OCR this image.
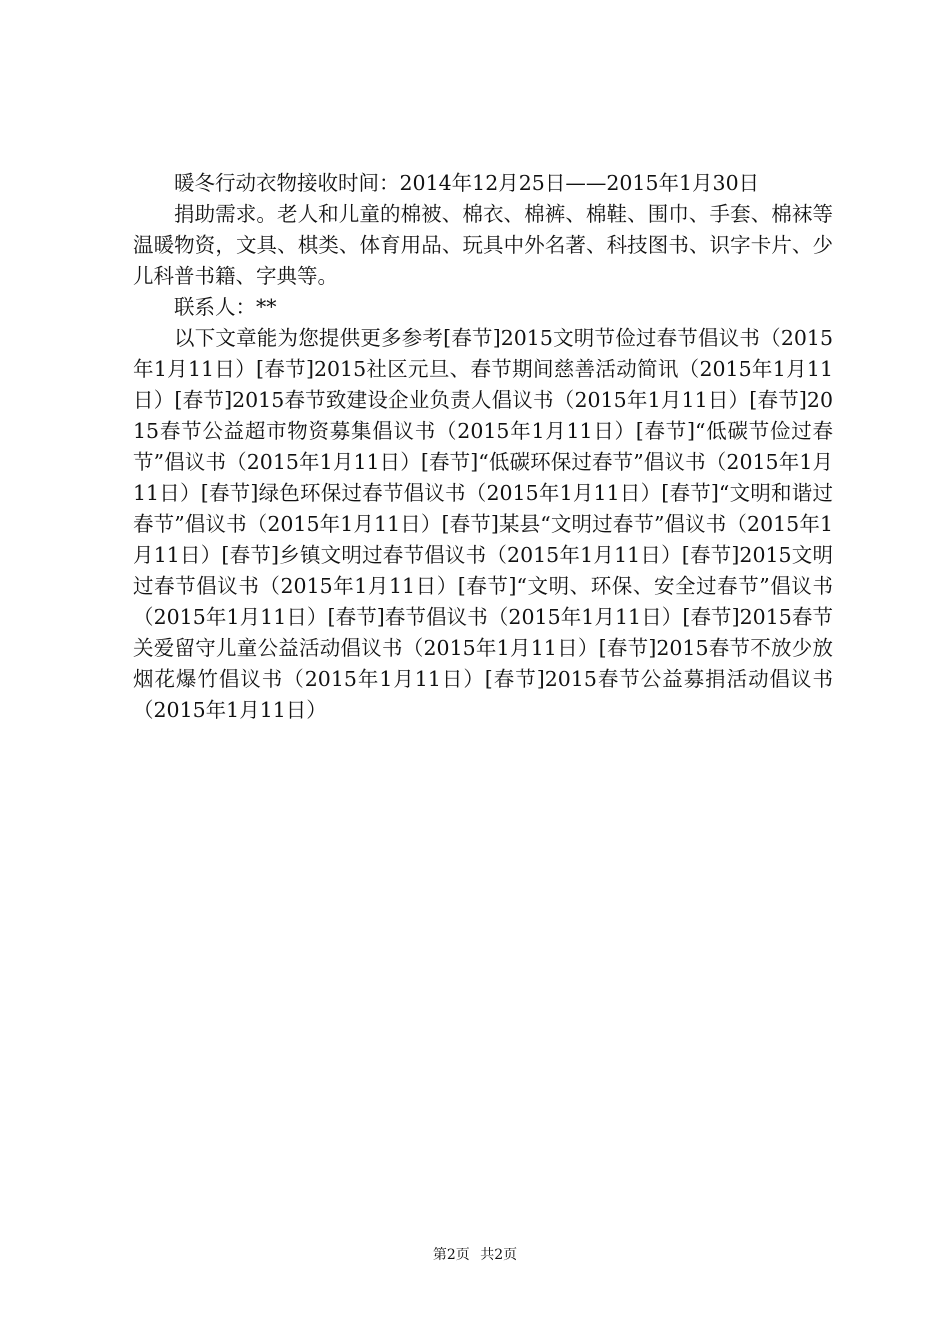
暖冬行动衣物接收时间：2014年12月25日——2015年1月30日

捐助需求。老人和儿童的棉被、棉衣、棉裤、棉鞋、围巾、手套、棉袜等温暖物资，文具、棋类、体育用品、玩具中外名著、科技图书、识字卡片、少儿科普书籍、字典等。

联系人：**

以下文章能为您提供更多参考[春节]2015文明节俭过春节倡议书（2015年1月11日）[春节]2015社区元旦、春节期间慈善活动简讯（2015年1月11日）[春节]2015春节致建设企业负责人倡议书（2015年1月11日）[春节]2015春节公益超市物资募集倡议书（2015年1月11日）[春节]“低碳节俭过春节”倡议书（2015年1月11日）[春节]“低碳环保过春节”倡议书（2015年1月11日）[春节]绿色环保过春节倡议书（2015年1月11日）[春节]“文明和谐过春节”倡议书（2015年1月11日）[春节]某县“文明过春节”倡议书（2015年1月11日）[春节]乡镇文明过春节倡议书（2015年1月11日）[春节]2015文明过春节倡议书（2015年1月11日）[春节]“文明、环保、安全过春节”倡议书（2015年1月11日）[春节]春节倡议书（2015年1月11日）[春节]2015春节关爱留守儿童公益活动倡议书（2015年1月11日）[春节]2015春节不放少放烟花爆竹倡议书（2015年1月11日）[春节]2015春节公益募捐活动倡议书（2015年1月11日）

第2页 共2页
